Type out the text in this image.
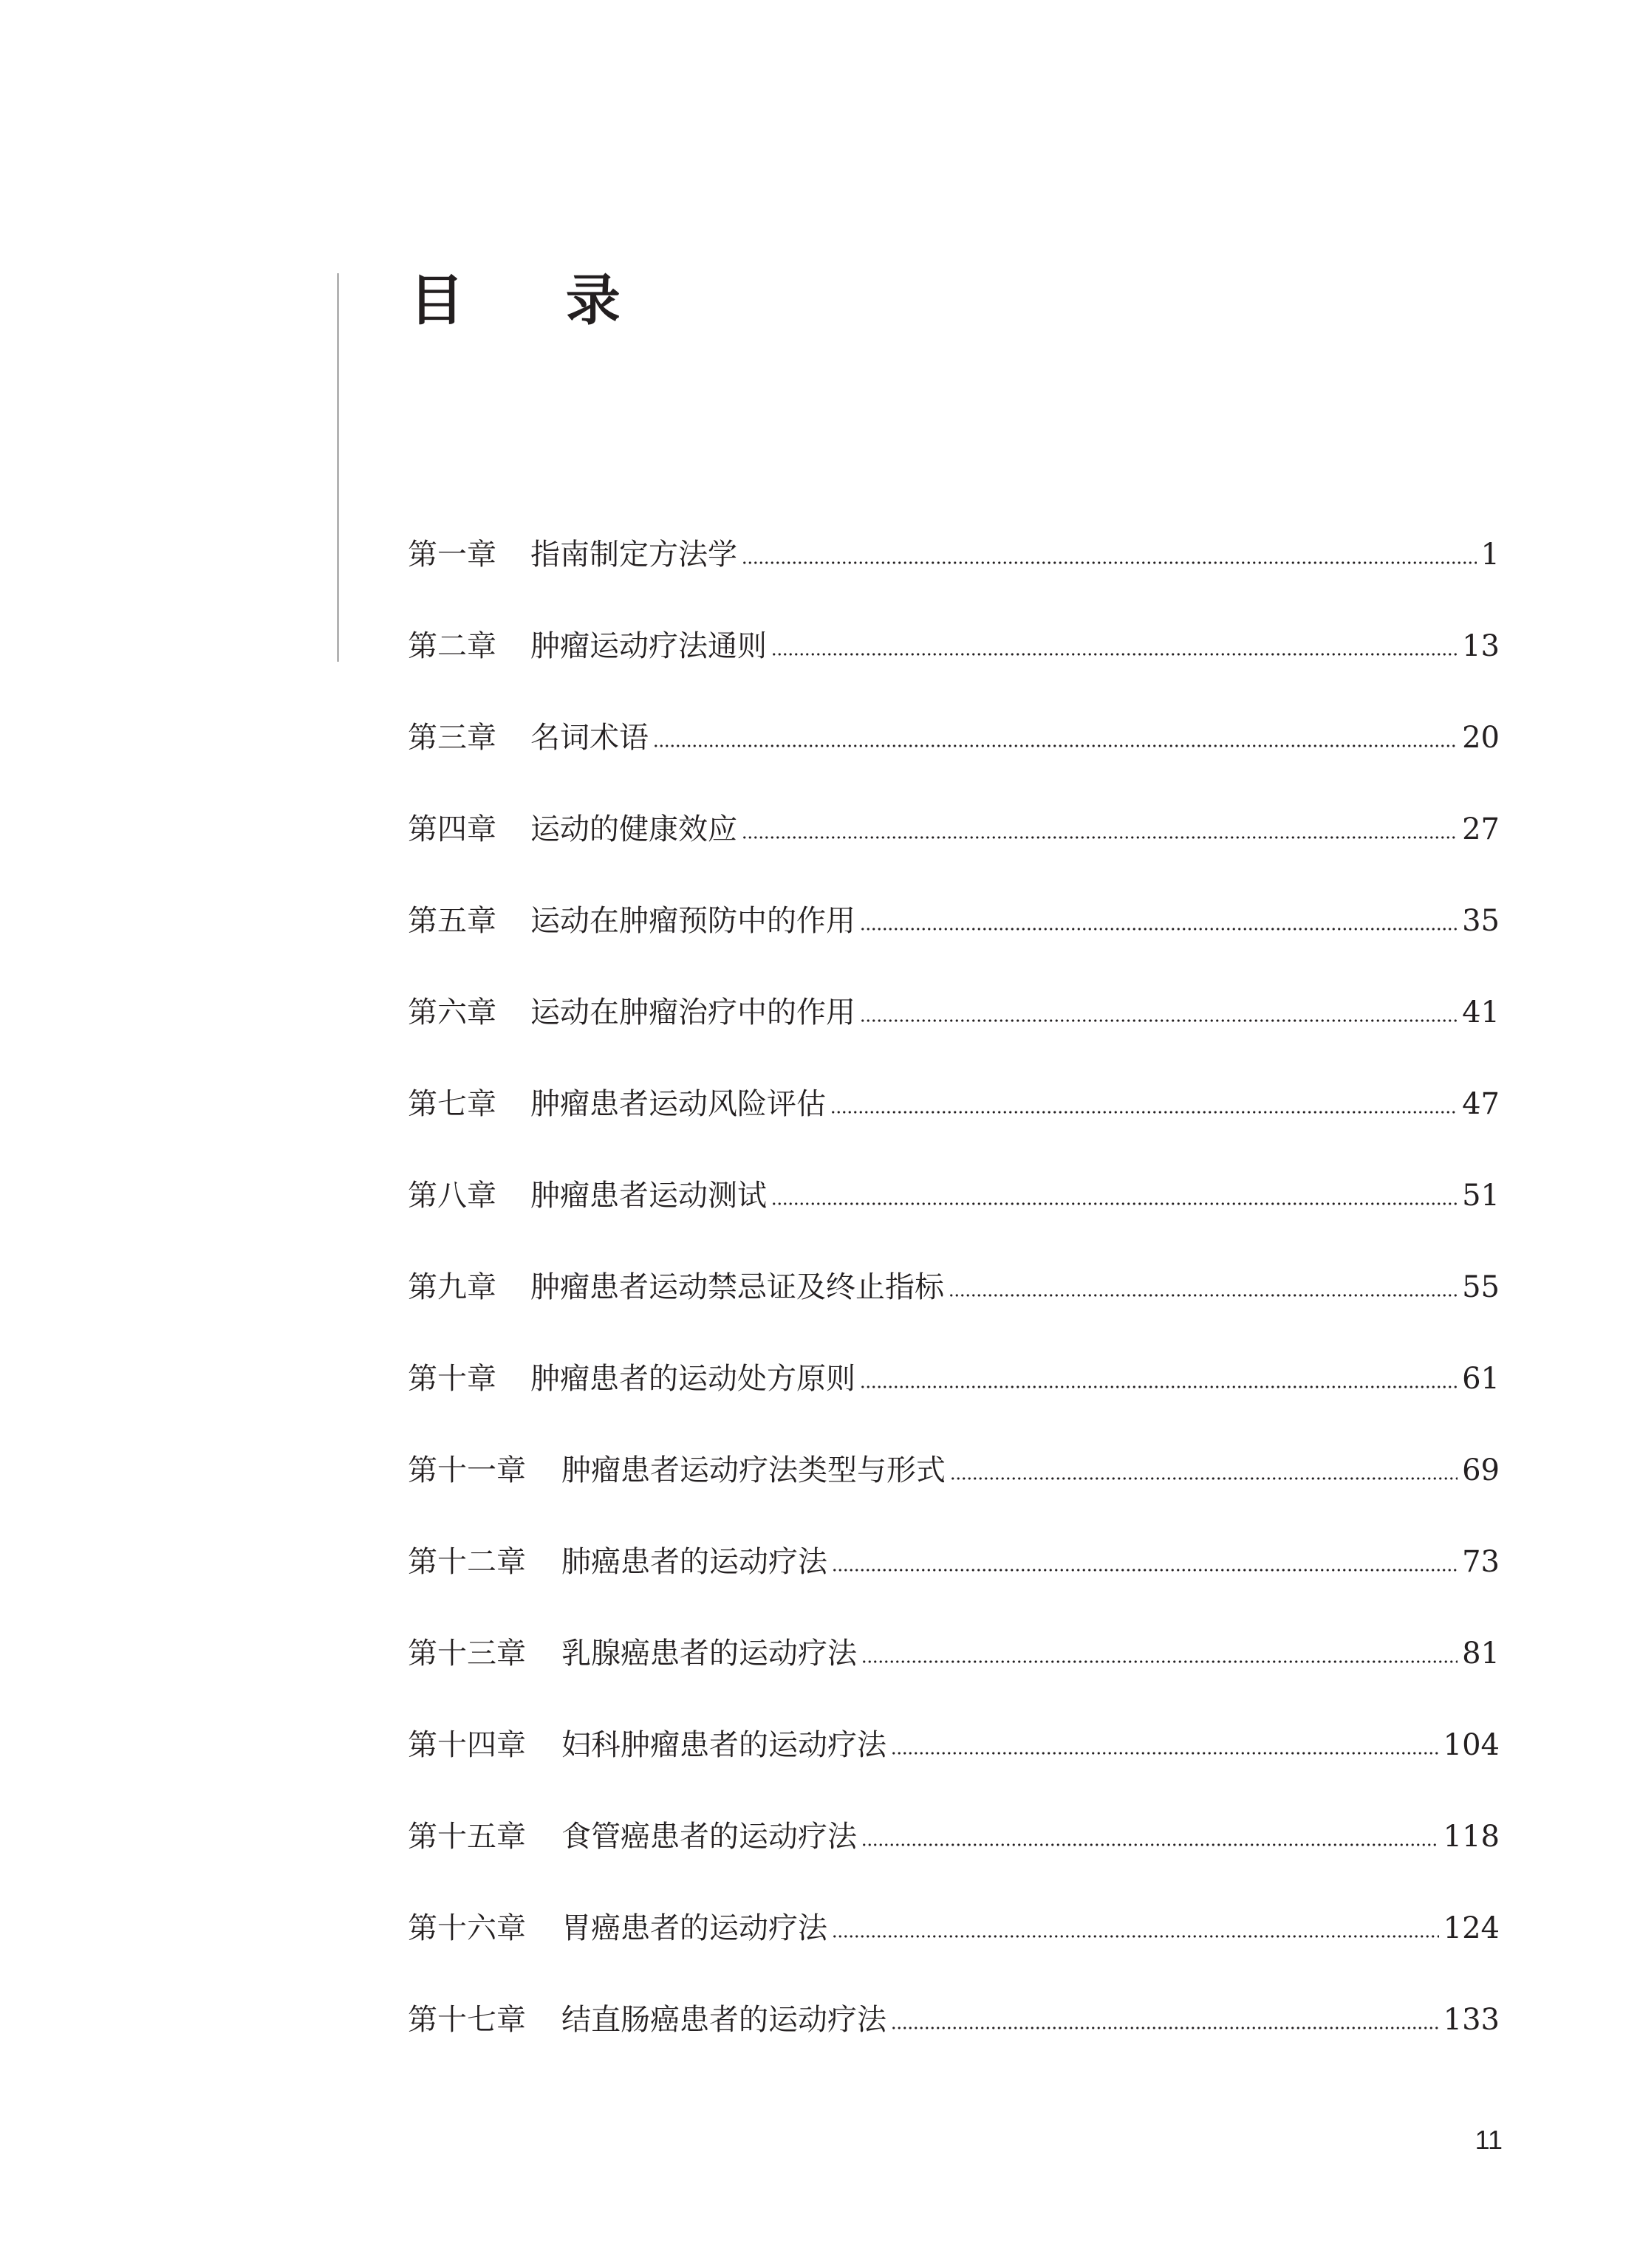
目 录
第一章 指南制定方法学	1
第二章 肿瘤运动疗法通则	13
第三章 名词术语	20
第四章 运动的健康效应	27
第五章 运动在肿瘤预防中的作用	35
第六章 运动在肿瘤治疗中的作用	41
第七章 肿瘤患者运动风险评估	47
第八章 肿瘤患者运动测试	51
第九章 肿瘤患者运动禁忌证及终止指标	55
第十章 肿瘤患者的运动处方原则	61
第十一章 肿瘤患者运动疗法类型与形式	69
第十二章 肺癌患者的运动疗法	73
第十三章 乳腺癌患者的运动疗法	81
第十四章 妇科肿瘤患者的运动疗法	104
第十五章 食管癌患者的运动疗法	118
第十六章 胃癌患者的运动疗法	124
第十七章 结直肠癌患者的运动疗法	133
11
